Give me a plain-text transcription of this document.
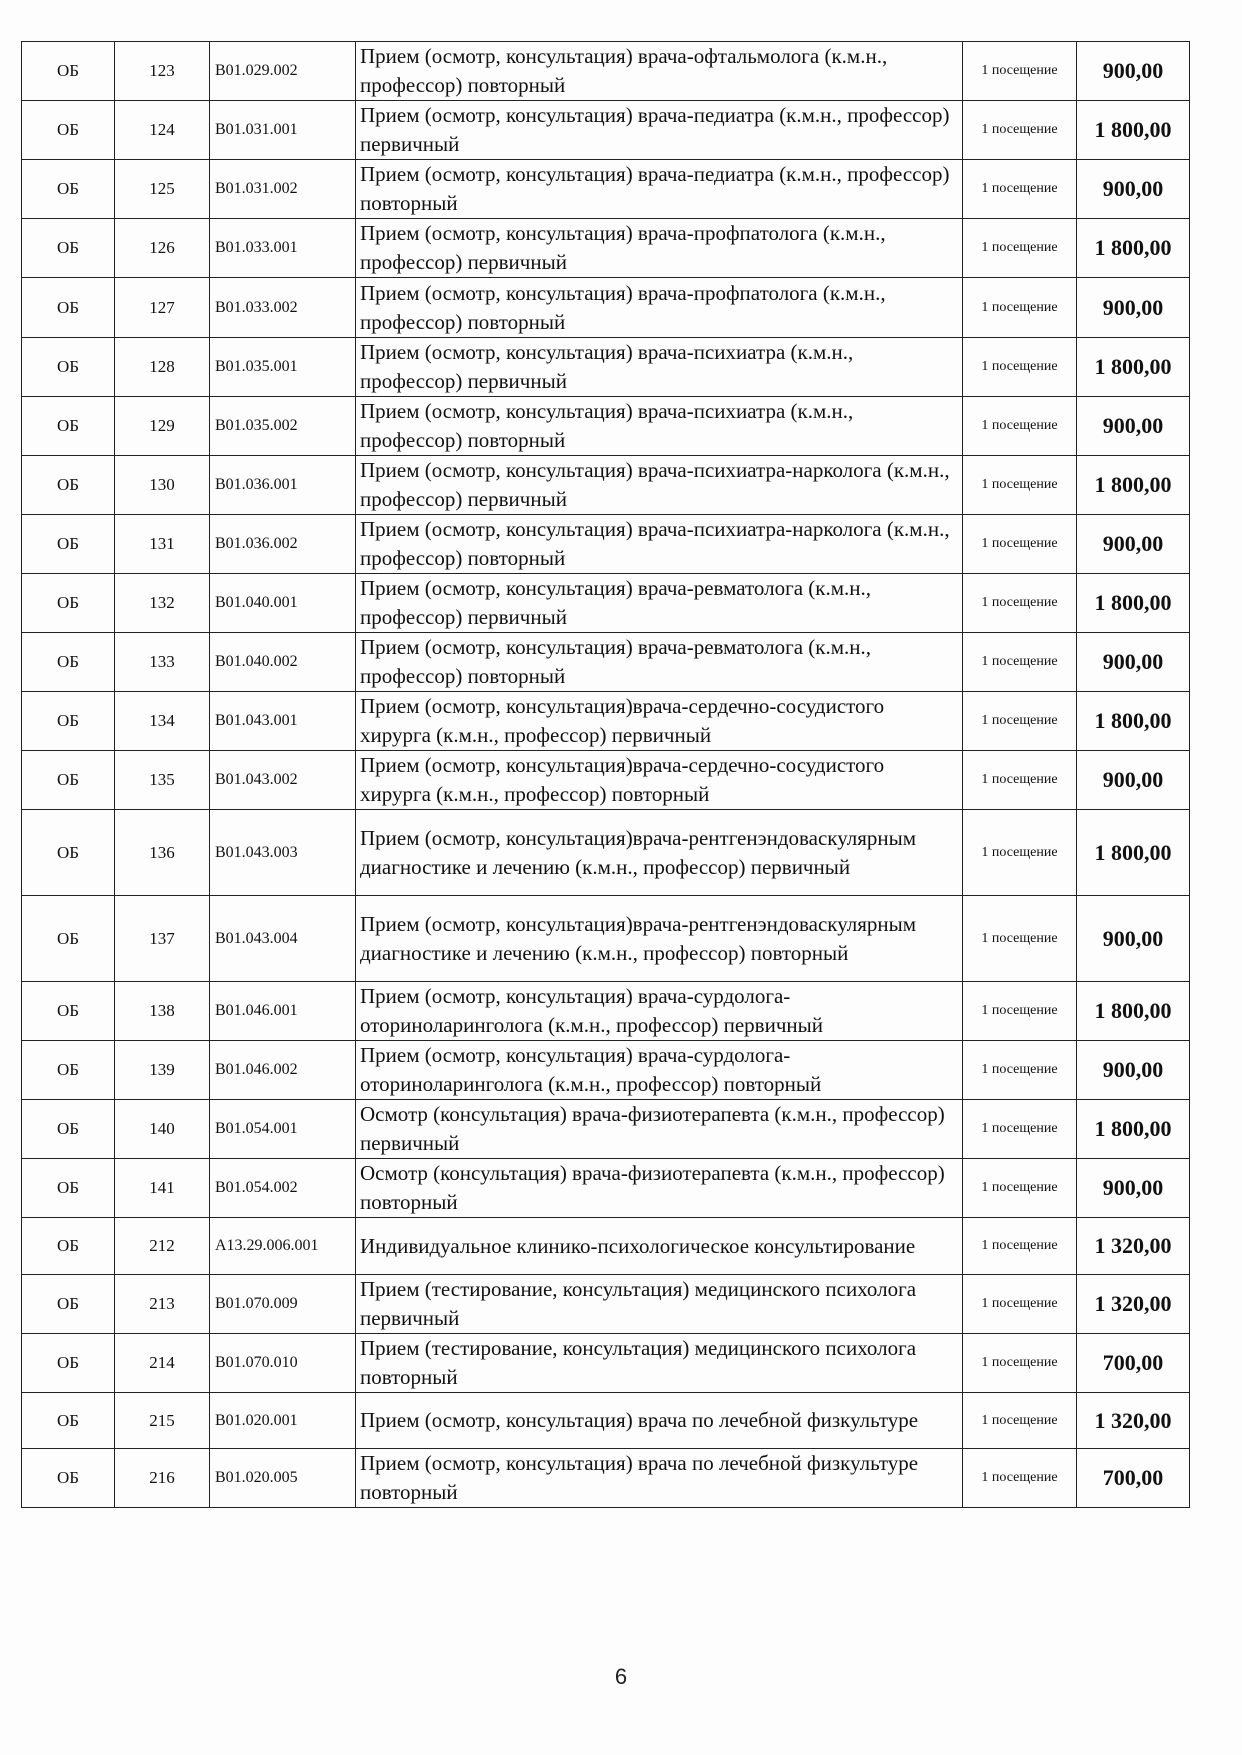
ОБ	123	B01.029.002	Прием (осмотр, консультация) врача-офтальмолога (к.м.н., профессор) повторный	1 посещение	900,00
ОБ	124	B01.031.001	Прием (осмотр, консультация) врача-педиатра (к.м.н., профессор) первичный	1 посещение	1 800,00
ОБ	125	B01.031.002	Прием (осмотр, консультация) врача-педиатра (к.м.н., профессор) повторный	1 посещение	900,00
ОБ	126	B01.033.001	Прием (осмотр, консультация) врача-профпатолога (к.м.н., профессор) первичный	1 посещение	1 800,00
ОБ	127	B01.033.002	Прием (осмотр, консультация) врача-профпатолога (к.м.н., профессор) повторный	1 посещение	900,00
ОБ	128	B01.035.001	Прием (осмотр, консультация) врача-психиатра (к.м.н., профессор) первичный	1 посещение	1 800,00
ОБ	129	B01.035.002	Прием (осмотр, консультация) врача-психиатра (к.м.н., профессор) повторный	1 посещение	900,00
ОБ	130	B01.036.001	Прием (осмотр, консультация) врача-психиатра-нарколога (к.м.н., профессор) первичный	1 посещение	1 800,00
ОБ	131	B01.036.002	Прием (осмотр, консультация) врача-психиатра-нарколога (к.м.н., профессор) повторный	1 посещение	900,00
ОБ	132	B01.040.001	Прием (осмотр, консультация) врача-ревматолога (к.м.н., профессор) первичный	1 посещение	1 800,00
ОБ	133	B01.040.002	Прием (осмотр, консультация) врача-ревматолога (к.м.н., профессор) повторный	1 посещение	900,00
ОБ	134	B01.043.001	Прием (осмотр, консультация)врача-сердечно-сосудистого хирурга (к.м.н., профессор) первичный	1 посещение	1 800,00
ОБ	135	B01.043.002	Прием (осмотр, консультация)врача-сердечно-сосудистого хирурга (к.м.н., профессор) повторный	1 посещение	900,00
ОБ	136	B01.043.003	Прием (осмотр, консультация)врача-рентгенэндоваскулярным диагностике и лечению (к.м.н., профессор) первичный	1 посещение	1 800,00
ОБ	137	B01.043.004	Прием (осмотр, консультация)врача-рентгенэндоваскулярным диагностике и лечению (к.м.н., профессор) повторный	1 посещение	900,00
ОБ	138	B01.046.001	Прием (осмотр, консультация) врача-сурдолога-оториноларинголога (к.м.н., профессор) первичный	1 посещение	1 800,00
ОБ	139	B01.046.002	Прием (осмотр, консультация) врача-сурдолога-оториноларинголога (к.м.н., профессор) повторный	1 посещение	900,00
ОБ	140	B01.054.001	Осмотр (консультация) врача-физиотерапевта (к.м.н., профессор) первичный	1 посещение	1 800,00
ОБ	141	B01.054.002	Осмотр (консультация) врача-физиотерапевта (к.м.н., профессор) повторный	1 посещение	900,00
ОБ	212	A13.29.006.001	Индивидуальное клинико-психологическое консультирование	1 посещение	1 320,00
ОБ	213	B01.070.009	Прием (тестирование, консультация) медицинского психолога первичный	1 посещение	1 320,00
ОБ	214	B01.070.010	Прием (тестирование, консультация) медицинского психолога повторный	1 посещение	700,00
ОБ	215	B01.020.001	Прием (осмотр, консультация) врача по лечебной физкультуре	1 посещение	1 320,00
ОБ	216	B01.020.005	Прием (осмотр, консультация) врача по лечебной физкультуре повторный	1 посещение	700,00
6
